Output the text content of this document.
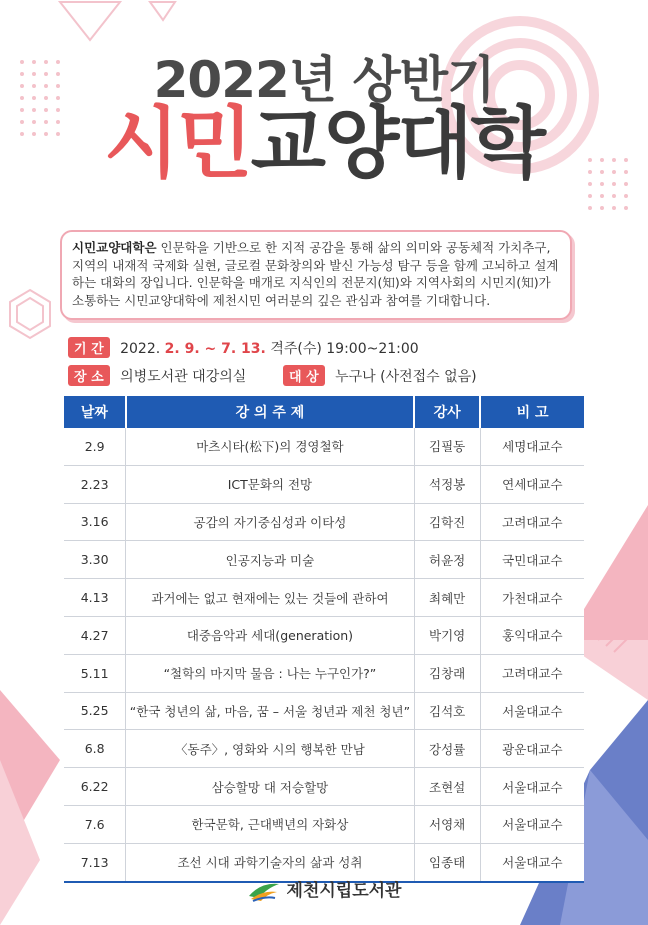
2022년 상반기
시민교양대학
시민교양대학은 인문학을 기반으로 한 지적 공감을 통해 삶의 의미와 공동체적 가치추구, 지역의 내재적 국제화 실현, 글로컬 문화창의와 발신 가능성 탐구 등을 함께 고뇌하고 설계하는 대화의 장입니다. 인문학을 매개로 지식인의 전문지(知)와 지역사회의 시민지(知)가 소통하는 시민교양대학에 제천시민 여러분의 깊은 관심과 참여를 기대합니다.
기 간 2022. 2. 9. ~ 7. 13. 격주(수) 19:00~21:00
장 소 의병도서관 대강의실	대 상 누구나 (사전접수 없음)
날짜	강 의 주 제	강사	비 고
2.9	마츠시타(松下)의 경영철학	김필동	세명대교수
2.23	ICT문화의 전망	석정봉	연세대교수
3.16	공감의 자기중심성과 이타성	김학진	고려대교수
3.30	인공지능과 미술	허윤정	국민대교수
4.13	과거에는 없고 현재에는 있는 것들에 관하여	최혜만	가천대교수
4.27	대중음악과 세대(generation)	박기영	홍익대교수
5.11	“철학의 마지막 물음 : 나는 누구인가?”	김창래	고려대교수
5.25	“한국 청년의 삶, 마음, 꿈 – 서울 청년과 제천 청년”	김석호	서울대교수
6.8	〈동주〉, 영화와 시의 행복한 만남	강성률	광운대교수
6.22	삼승할망 대 저승할망	조현설	서울대교수
7.6	한국문학, 근대백년의 자화상	서영채	서울대교수
7.13	조선 시대 과학기술자의 삶과 성취	임종태	서울대교수
제천시립도서관
